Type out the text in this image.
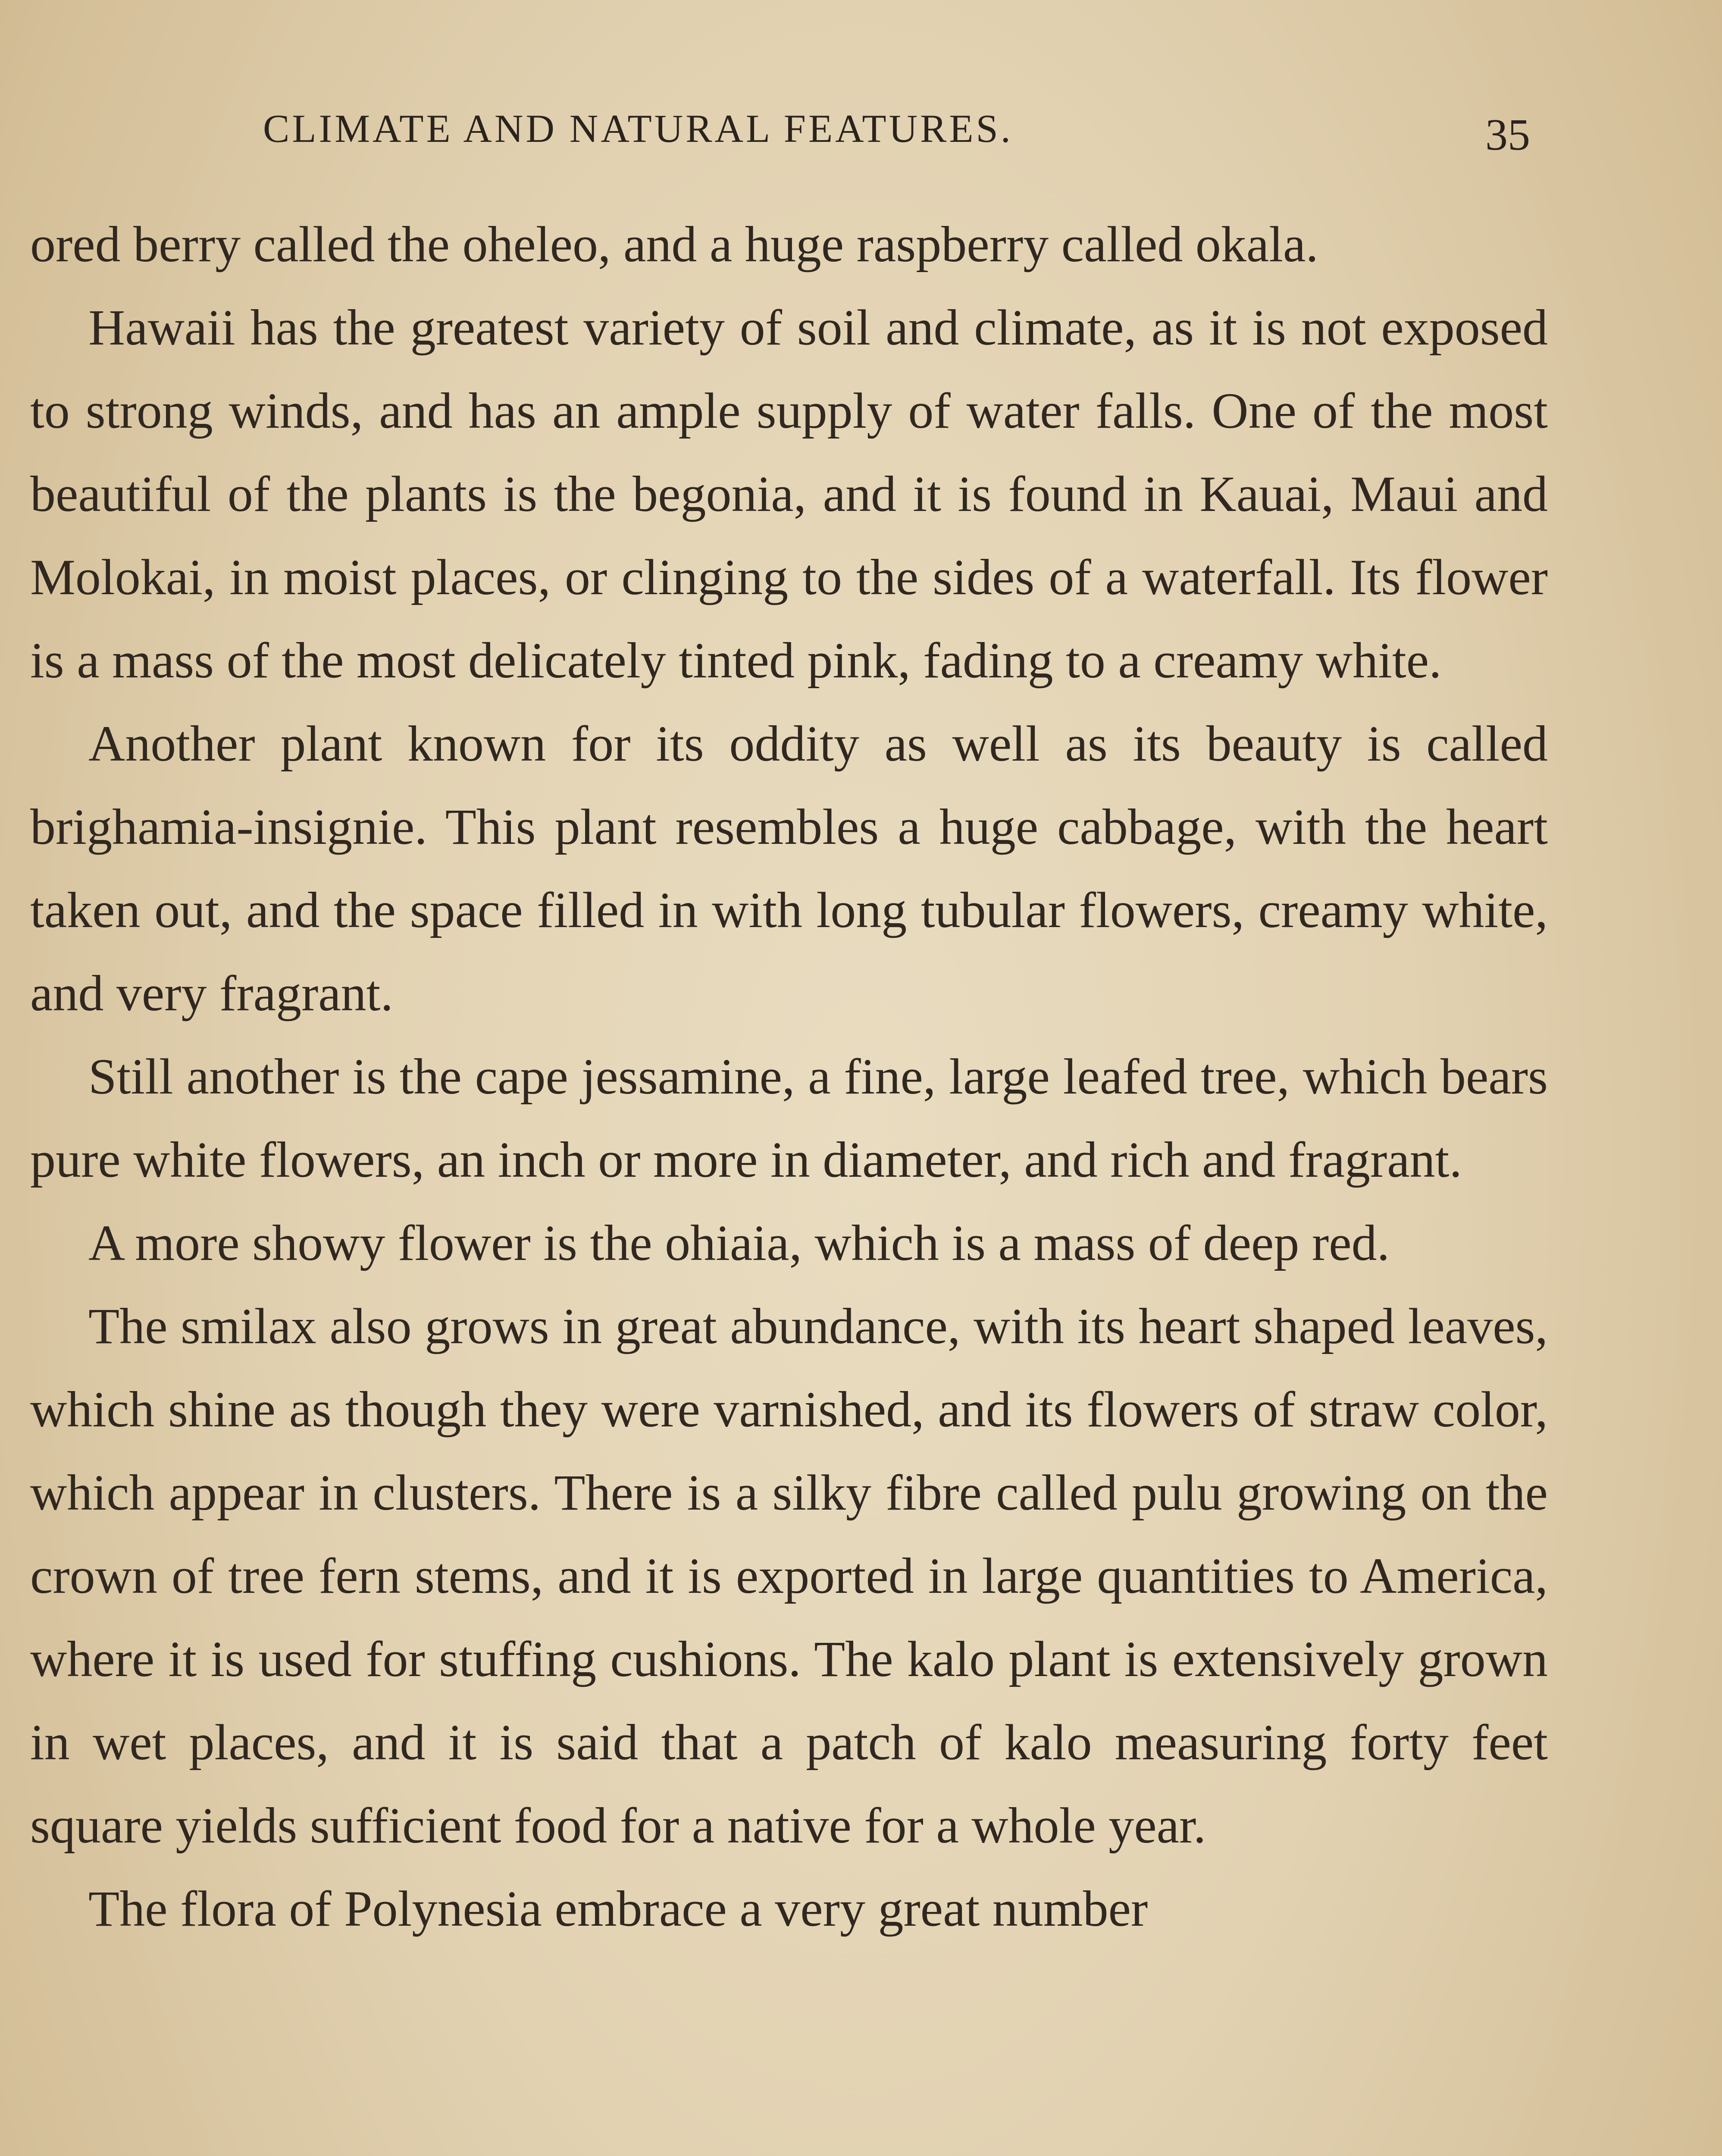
CLIMATE AND NATURAL FEATURES.	35

ored berry called the oheleo, and a huge raspberry called okala.

Hawaii has the greatest variety of soil and climate, as it is not exposed to strong winds, and has an ample supply of water falls. One of the most beautiful of the plants is the begonia, and it is found in Kauai, Maui and Molokai, in moist places, or clinging to the sides of a waterfall. Its flower is a mass of the most delicately tinted pink, fading to a creamy white.

Another plant known for its oddity as well as its beauty is called brighamia-insignie. This plant resembles a huge cabbage, with the heart taken out, and the space filled in with long tubular flowers, creamy white, and very fragrant.

Still another is the cape jessamine, a fine, large leafed tree, which bears pure white flowers, an inch or more in diameter, and rich and fragrant.

A more showy flower is the ohiaia, which is a mass of deep red.

The smilax also grows in great abundance, with its heart shaped leaves, which shine as though they were varnished, and its flowers of straw color, which appear in clusters. There is a silky fibre called pulu growing on the crown of tree fern stems, and it is exported in large quantities to America, where it is used for stuffing cushions. The kalo plant is extensively grown in wet places, and it is said that a patch of kalo measuring forty feet square yields sufficient food for a native for a whole year.

The flora of Polynesia embrace a very great number
